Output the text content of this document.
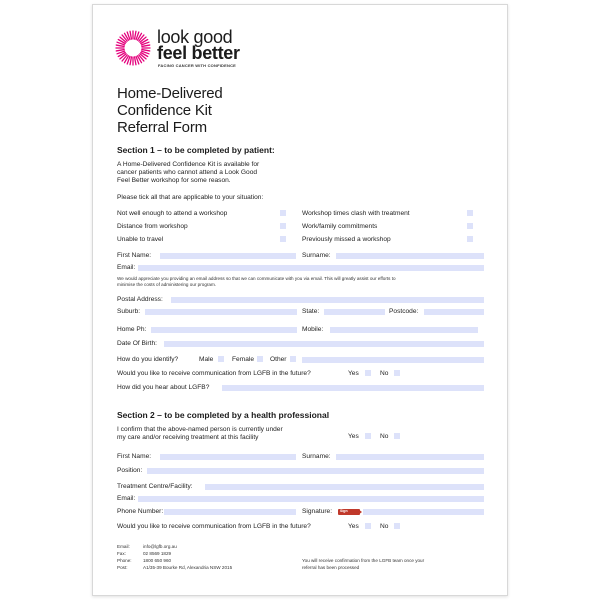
look good
feel better
FACING CANCER WITH CONFIDENCE
Home-Delivered
Confidence Kit
Referral Form
Section 1 – to be completed by patient:
A Home-Delivered Confidence Kit is available for
cancer patients who cannot attend a Look Good
Feel Better workshop for some reason.
Please tick all that are applicable to your situation:
Not well enough to attend a workshop	Workshop times clash with treatment
Distance from workshop	Work/family commitments
Unable to travel	Previously missed a workshop
First Name:	Surname:
Email:
We would appreciate you providing an email address so that we can communicate with you via email. This will greatly assist our efforts to
minimise the costs of administering our program.
Postal Address:
Suburb:	State:	Postcode:
Home Ph:	Mobile:
Date Of Birth:
How do you identify?	Male	Female Other
Would you like to receive communication from LGFB in the future?	Yes	No
How did you hear about LGFB?
Section 2 – to be completed by a health professional
I confirm that the above-named person is currently under
my care and/or receiving treatment at this facility	Yes	No
First Name:	Surname:
Position:
Treatment Centre/Facility:
Email:
Phone Number:	Signature: Sign
Would you like to receive communication from LGFB in the future?	Yes	No
Email:	info@lgfb.org.au
Fax:	02 8569 1829
Phone: 1800 650 960
Post:	A1/35-39 Bourke Rd, Alexandria NSW 2015
You will receive confirmation from the LGFB team once your
referral has been processed
